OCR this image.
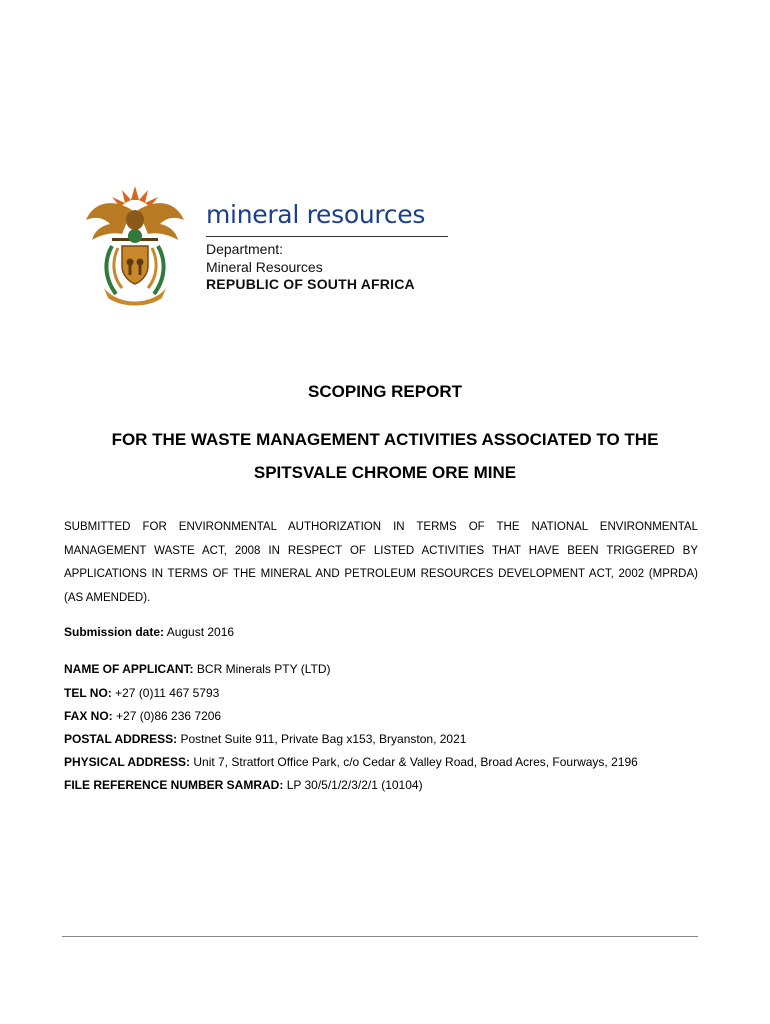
mineral resources
Department:
Mineral Resources
REPUBLIC OF SOUTH AFRICA
SCOPING REPORT
FOR THE WASTE MANAGEMENT ACTIVITIES ASSOCIATED TO THE
SPITSVALE CHROME ORE MINE
SUBMITTED FOR ENVIRONMENTAL AUTHORIZATION IN TERMS OF THE NATIONAL ENVIRONMENTAL
MANAGEMENT WASTE ACT, 2008 IN RESPECT OF LISTED ACTIVITIES THAT HAVE BEEN TRIGGERED BY
APPLICATIONS IN TERMS OF THE MINERAL AND PETROLEUM RESOURCES DEVELOPMENT ACT, 2002 (MPRDA)
(AS AMENDED).
Submission date: August 2016
NAME OF APPLICANT: BCR Minerals PTY (LTD)
TEL NO: +27 (0)11 467 5793
FAX NO: +27 (0)86 236 7206
POSTAL ADDRESS: Postnet Suite 911, Private Bag x153, Bryanston, 2021
PHYSICAL ADDRESS: Unit 7, Stratfort Office Park, c/o Cedar & Valley Road, Broad Acres, Fourways, 2196
FILE REFERENCE NUMBER SAMRAD: LP 30/5/1/2/3/2/1 (10104)
